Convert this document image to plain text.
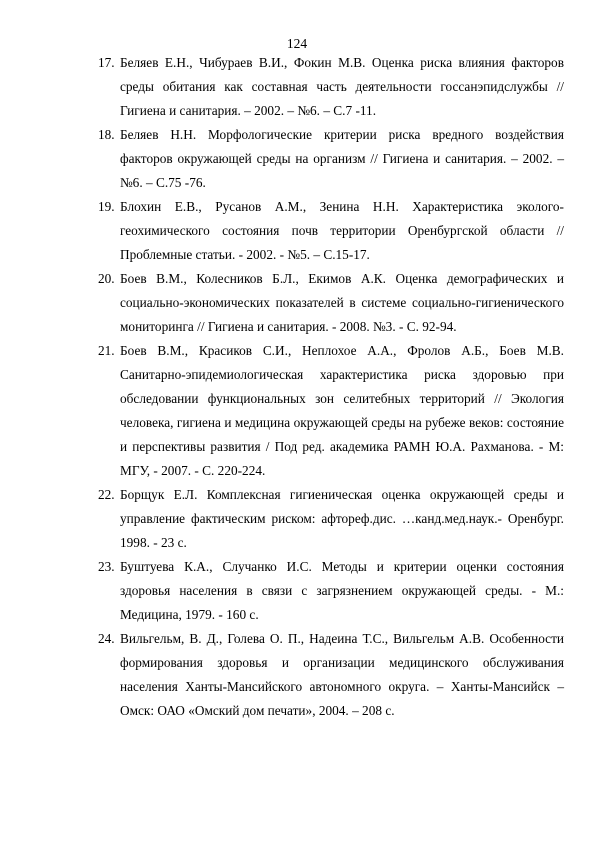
124
17. Беляев Е.Н., Чибураев В.И., Фокин М.В. Оценка риска влияния факторов среды обитания как составная часть деятельности госсанэпидслужбы // Гигиена и санитария. – 2002. – №6. – С.7 -11.
18. Беляев Н.Н. Морфологические критерии риска вредного воздействия факторов окружающей среды на организм // Гигиена и санитария. – 2002. – №6. – С.75 -76.
19. Блохин Е.В., Русанов А.М., Зенина Н.Н. Характеристика эколого-геохимического состояния почв территории Оренбургской области // Проблемные статьи. - 2002. - №5. – С.15-17.
20. Боев В.М., Колесников Б.Л., Екимов А.К. Оценка демографических и социально-экономических показателей в системе социально-гигиенического мониторинга // Гигиена и санитария. - 2008. №3. - С. 92-94.
21. Боев В.М., Красиков С.И., Неплохое А.А., Фролов А.Б., Боев М.В. Санитарно-эпидемиологическая характеристика риска здоровью при обследовании функциональных зон селитебных территорий // Экология человека, гигиена и медицина окружающей среды на рубеже веков: состояние и перспективы развития / Под ред. академика РАМН Ю.А. Рахманова. - М: МГУ, - 2007. - С. 220-224.
22. Борщук Е.Л. Комплексная гигиеническая оценка окружающей среды и управление фактическим риском: афтореф.дис. …канд.мед.наук.- Оренбург. 1998. - 23 с.
23. Буштуева К.А., Случанко И.С. Методы и критерии оценки состояния здоровья населения в связи с загрязнением окружающей среды. - М.: Медицина, 1979. - 160 с.
24. Вильгельм, В. Д., Голева О. П., Надеина Т.С., Вильгельм А.В. Особенности формирования здоровья и организации медицинского обслуживания населения Ханты-Мансийского автономного округа. – Ханты-Мансийск – Омск: ОАО «Омский дом печати», 2004. – 208 с.
